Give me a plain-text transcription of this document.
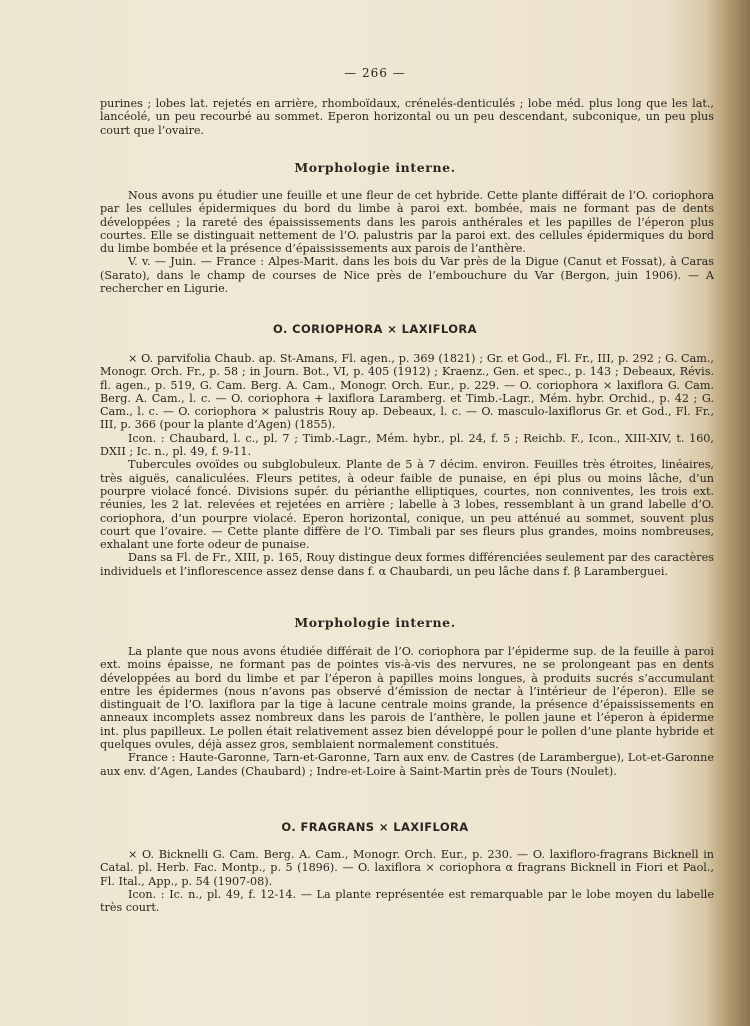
— 266 —

purines ; lobes lat. rejetés en arrière, rhomboïdaux, crénelés-denticulés ; lobe méd. plus long que les lat., lancéolé, un peu recourbé au sommet. Eperon horizontal ou un peu descendant, subconique, un peu plus court que l’ovaire.

Morphologie interne.

Nous avons pu étudier une feuille et une fleur de cet hybride. Cette plante différait de l’O. coriophora par les cellules épidermiques du bord du limbe à paroi ext. bombée, mais ne formant pas de dents développées ; la rareté des épaississements dans les parois anthérales et les papilles de l’éperon plus courtes. Elle se distinguait nettement de l’O. palustris par la paroi ext. des cellules épidermiques du bord du limbe bombée et la présence d’épaississements aux parois de l’anthère.

V. v. — Juin. — France : Alpes-Marit. dans les bois du Var près de la Digue (Canut et Fossat), à Caras (Sarato), dans le champ de courses de Nice près de l’embouchure du Var (Bergon, juin 1906). — A rechercher en Ligurie.

O. CORIOPHORA × LAXIFLORA

× O. parvifolia Chaub. ap. St-Amans, Fl. agen., p. 369 (1821) ; Gr. et God., Fl. Fr., III, p. 292 ; G. Cam., Monogr. Orch. Fr., p. 58 ; in Journ. Bot., VI, p. 405 (1912) ; Kraenz., Gen. et spec., p. 143 ; Debeaux, Révis. fl. agen., p. 519, G. Cam. Berg. A. Cam., Monogr. Orch. Eur., p. 229. — O. coriophora × laxiflora G. Cam. Berg. A. Cam., l. c. — O. coriophora + laxiflora Laramberg. et Timb.-Lagr., Mém. hybr. Orchid., p. 42 ; G. Cam., l. c. — O. coriophora × palustris Rouy ap. Debeaux, l. c. — O. masculo-laxiflorus Gr. et God., Fl. Fr., III, p. 366 (pour la plante d’Agen) (1855).

Icon. : Chaubard, l. c., pl. 7 ; Timb.-Lagr., Mém. hybr., pl. 24, f. 5 ; Reichb. F., Icon., XIII-XIV, t. 160, DXII ; Ic. n., pl. 49, f. 9-11.

Tubercules ovoïdes ou subglobuleux. Plante de 5 à 7 décim. environ. Feuilles très étroites, linéaires, très aiguës, canaliculées. Fleurs petites, à odeur faible de punaise, en épi plus ou moins lâche, d’un pourpre violacé foncé. Divisions supér. du périanthe elliptiques, courtes, non conniventes, les trois ext. réunies, les 2 lat. relevées et rejetées en arrière ; labelle à 3 lobes, ressemblant à un grand labelle d’O. coriophora, d’un pourpre violacé. Eperon horizontal, conique, un peu atténué au sommet, souvent plus court que l’ovaire. — Cette plante diffère de l’O. Timbali par ses fleurs plus grandes, moins nombreuses, exhalant une forte odeur de punaise.

Dans sa Fl. de Fr., XIII, p. 165, Rouy distingue deux formes différenciées seulement par des caractères individuels et l’inflorescence assez dense dans f. α Chaubardi, un peu lâche dans f. β Laramberguei.

Morphologie interne.

La plante que nous avons étudiée différait de l’O. coriophora par l’épiderme sup. de la feuille à paroi ext. moins épaisse, ne formant pas de pointes vis-à-vis des nervures, ne se prolongeant pas en dents développées au bord du limbe et par l’éperon à papilles moins longues, à produits sucrés s’accumulant entre les épidermes (nous n’avons pas observé d’émission de nectar à l’intérieur de l’éperon). Elle se distinguait de l’O. laxiflora par la tige à lacune centrale moins grande, la présence d’épaississements en anneaux incomplets assez nombreux dans les parois de l’anthère, le pollen jaune et l’éperon à épiderme int. plus papilleux. Le pollen était relativement assez bien développé pour le pollen d’une plante hybride et quelques ovules, déjà assez gros, semblaient normalement constitués.

France : Haute-Garonne, Tarn-et-Garonne, Tarn aux env. de Castres (de Larambergue), Lot-et-Garonne aux env. d’Agen, Landes (Chaubard) ; Indre-et-Loire à Saint-Martin près de Tours (Noulet).

O. FRAGRANS × LAXIFLORA

× O. Bicknelli G. Cam. Berg. A. Cam., Monogr. Orch. Eur., p. 230. — O. laxifloro-fragrans Bicknell in Catal. pl. Herb. Fac. Montp., p. 5 (1896). — O. laxiflora × coriophora α fragrans Bicknell in Fiori et Paol., Fl. Ital., App., p. 54 (1907-08).

Icon. : Ic. n., pl. 49, f. 12-14. — La plante représentée est remarquable par le lobe moyen du labelle très court.
